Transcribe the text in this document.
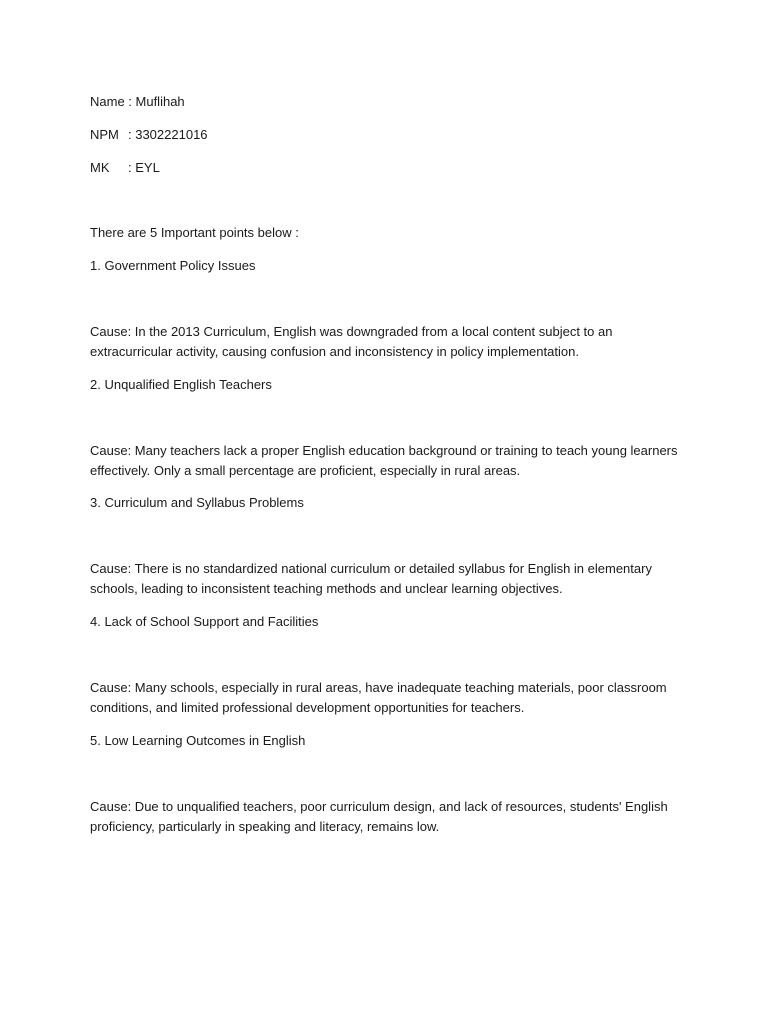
Name : Muflihah
NPM : 3302221016
MK : EYL
There are 5 Important points below :
1. Government Policy Issues
Cause: In the 2013 Curriculum, English was downgraded from a local content subject to an
extracurricular activity, causing confusion and inconsistency in policy implementation.
2. Unqualified English Teachers
Cause: Many teachers lack a proper English education background or training to teach young learners
effectively. Only a small percentage are proficient, especially in rural areas.
3. Curriculum and Syllabus Problems
Cause: There is no standardized national curriculum or detailed syllabus for English in elementary
schools, leading to inconsistent teaching methods and unclear learning objectives.
4. Lack of School Support and Facilities
Cause: Many schools, especially in rural areas, have inadequate teaching materials, poor classroom
conditions, and limited professional development opportunities for teachers.
5. Low Learning Outcomes in English
Cause: Due to unqualified teachers, poor curriculum design, and lack of resources, students' English
proficiency, particularly in speaking and literacy, remains low.
